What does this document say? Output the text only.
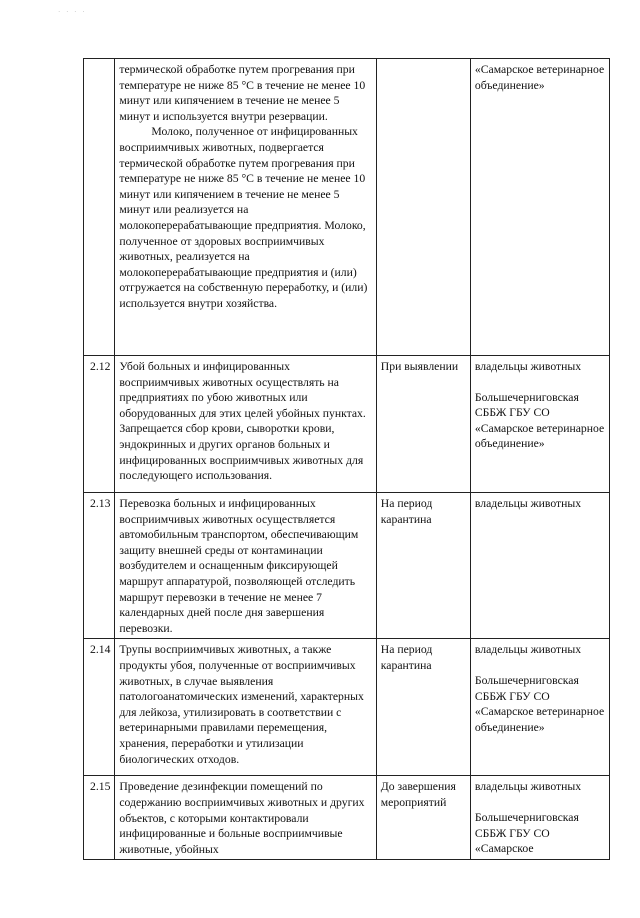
· · · ·

	термической обработке путем прогревания при температуре не ниже 85 °С в течение не менее 10 минут или кипячением в течение не менее 5 минут и используется внутри резервации.
Молоко, полученное от инфицированных восприимчивых животных, подвергается термической обработке путем прогревания при температуре не ниже 85 °С в течение не менее 10 минут или кипячением в течение не менее 5 минут или реализуется на молокоперерабатывающие предприятия. Молоко, полученное от здоровых восприимчивых животных, реализуется на молокоперерабатывающие предприятия и (или) отгружается на собственную переработку, и (или) используется внутри хозяйства.		«Самарское ветеринарное объединение»

2.12	Убой больных и инфицированных восприимчивых животных осуществлять на предприятиях по убою животных или оборудованных для этих целей убойных пунктах. Запрещается сбор крови, сыворотки крови, эндокринных и других органов больных и инфицированных восприимчивых животных для последующего использования.	При выявлении	владельцы животных
Большечерниговская СББЖ ГБУ СО «Самарское ветеринарное объединение»

2.13	Перевозка больных и инфицированных восприимчивых животных осуществляется автомобильным транспортом, обеспечивающим защиту внешней среды от контаминации возбудителем и оснащенным фиксирующей маршрут аппаратурой, позволяющей отследить маршрут перевозки в течение не менее 7 календарных дней после дня завершения перевозки.	На период карантина	владельцы животных

2.14	Трупы восприимчивых животных, а также продукты убоя, полученные от восприимчивых животных, в случае выявления патологоанатомических изменений, характерных для лейкоза, утилизировать в соответствии с ветеринарными правилами перемещения, хранения, переработки и утилизации биологических отходов.	На период карантина	владельцы животных
Большечерниговская СББЖ ГБУ СО «Самарское ветеринарное объединение»

2.15	Проведение дезинфекции помещений по содержанию восприимчивых животных и других объектов, с которыми контактировали инфицированные и больные восприимчивые животные, убойных	До завершения мероприятий	владельцы животных
Большечерниговская СББЖ ГБУ СО «Самарское
